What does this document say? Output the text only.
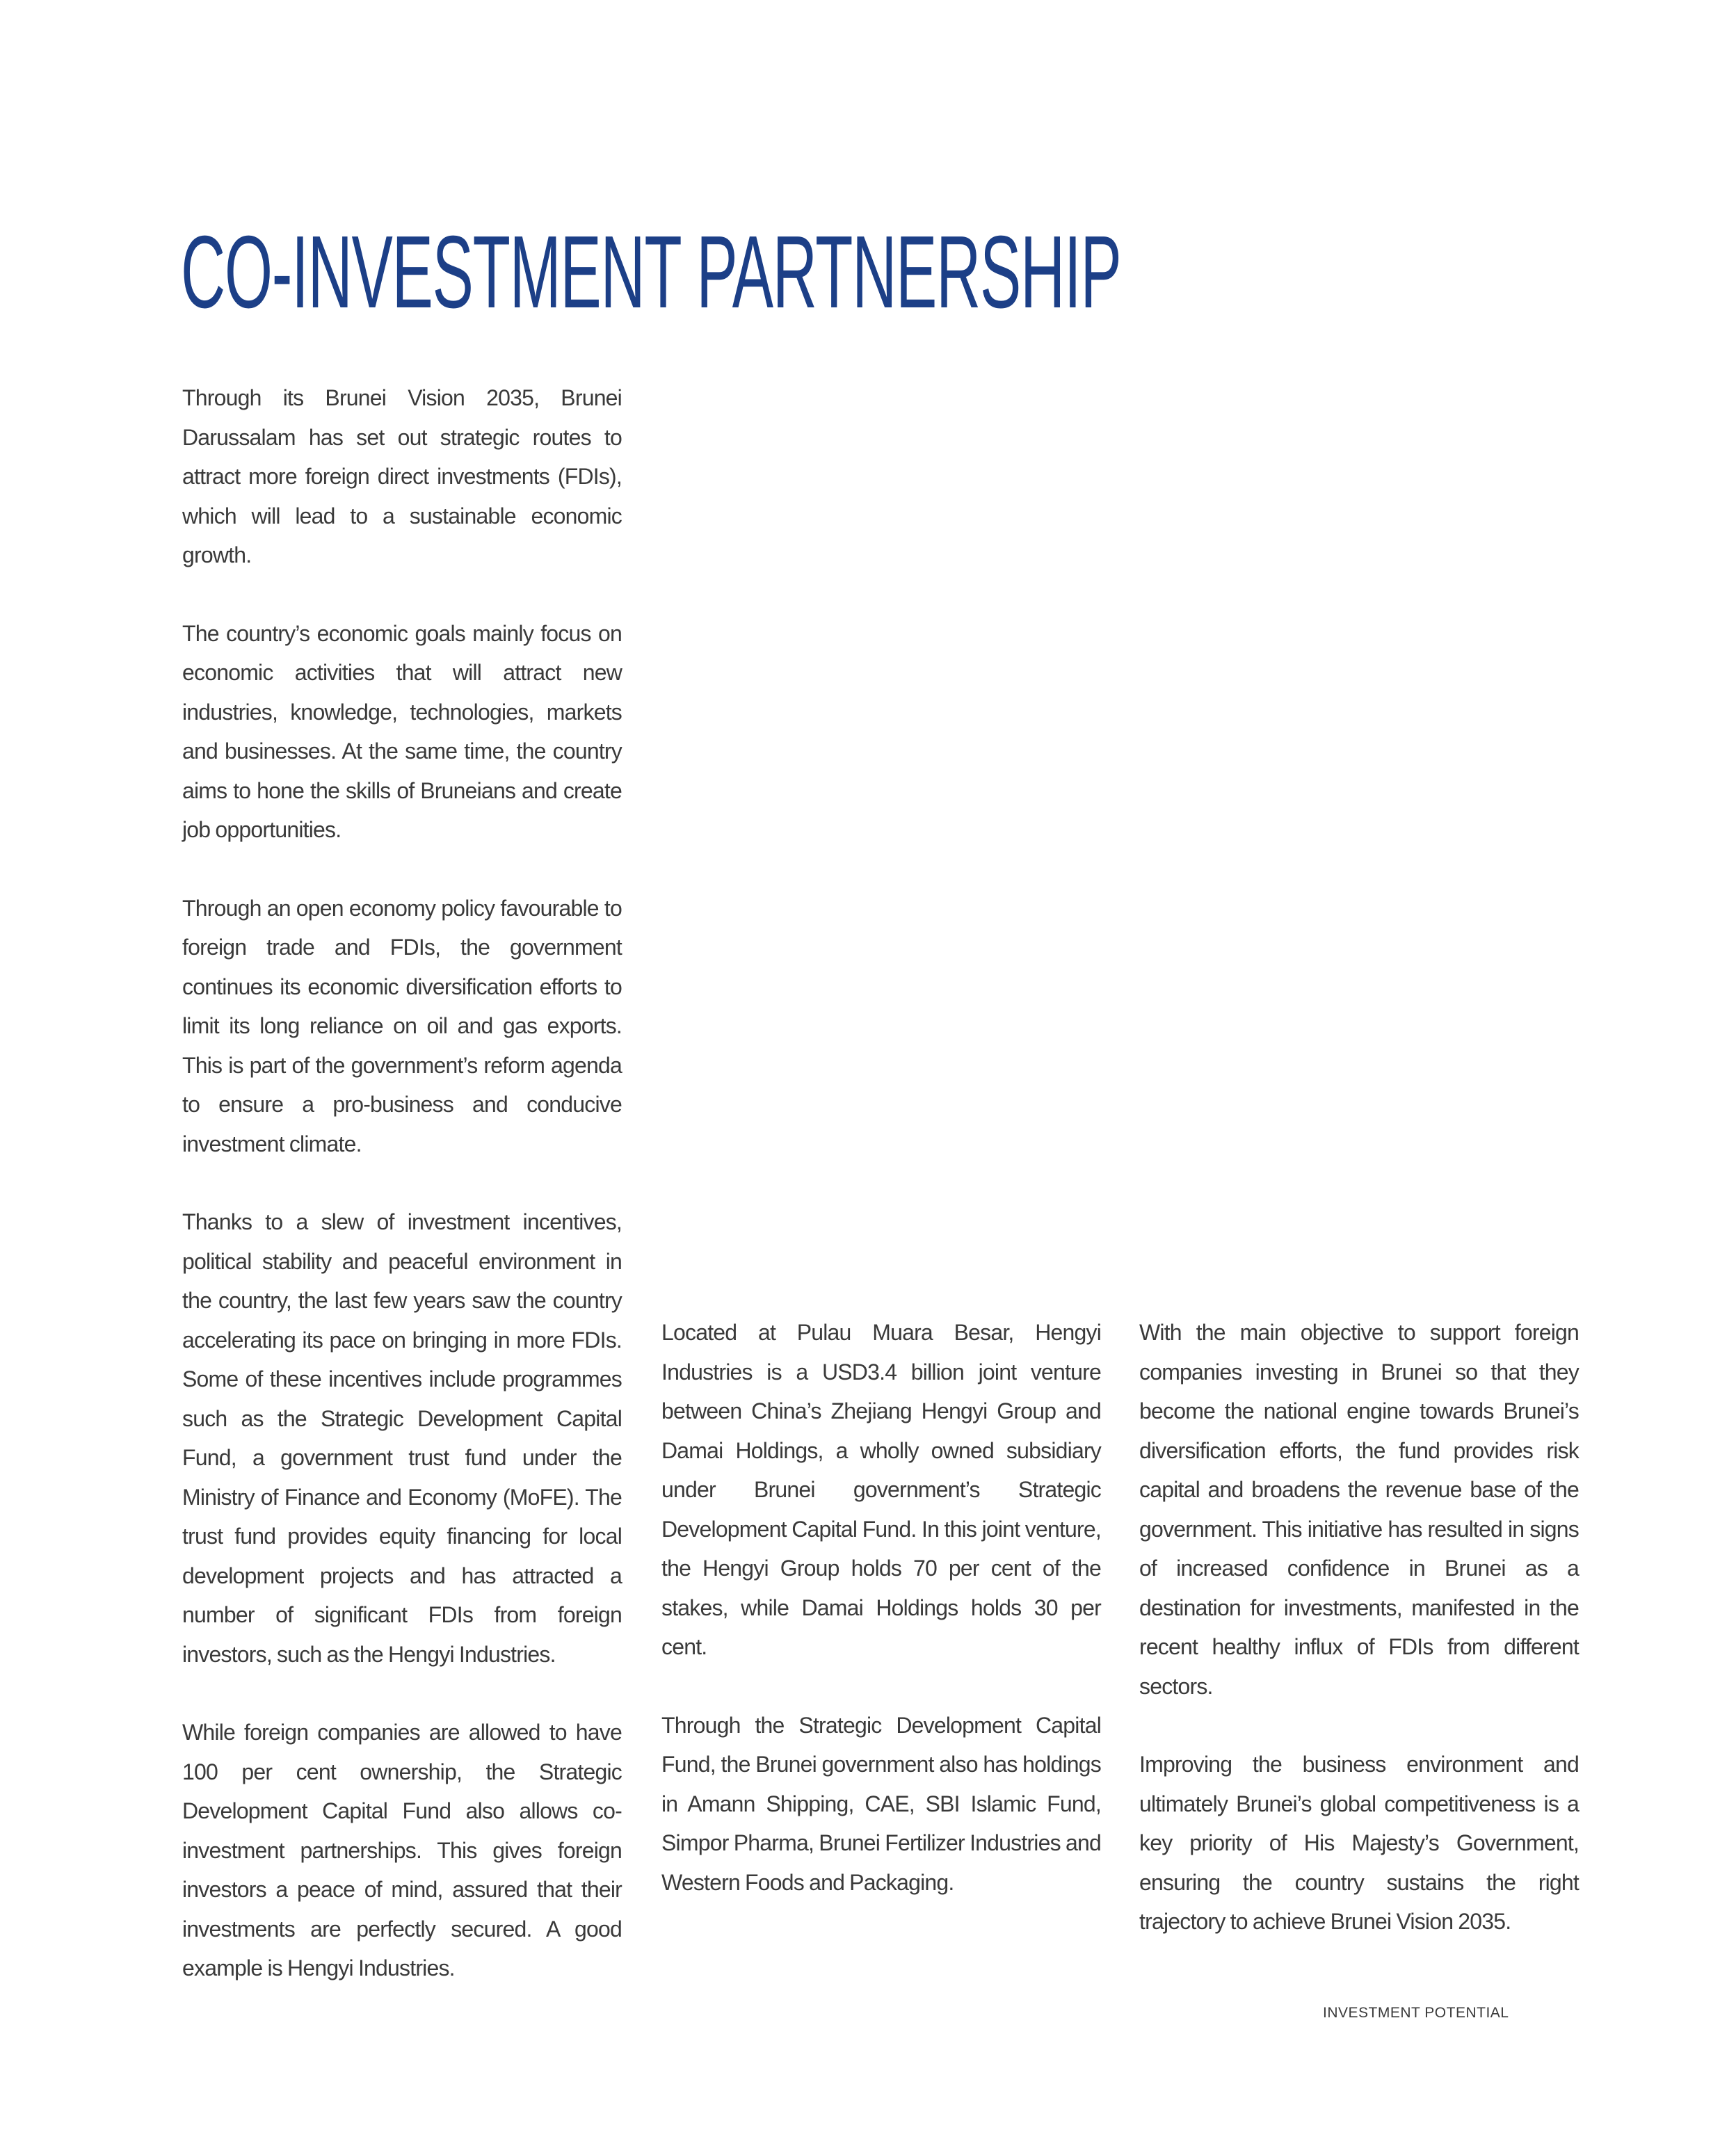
CO-INVESTMENT PARTNERSHIP

Through its Brunei Vision 2035, Brunei Darussalam has set out strategic routes to attract more foreign direct investments (FDIs), which will lead to a sustainable economic growth.

The country’s economic goals mainly focus on economic activities that will attract new industries, knowledge, technologies, markets and businesses. At the same time, the country aims to hone the skills of Bruneians and create job opportunities.

Through an open economy policy favourable to foreign trade and FDIs, the government continues its economic diversification efforts to limit its long reliance on oil and gas exports. This is part of the government’s reform agenda to ensure a pro-business and conducive investment climate.

Thanks to a slew of investment incentives, political stability and peaceful environment in the country, the last few years saw the country accelerating its pace on bringing in more FDIs. Some of these incentives include programmes such as the Strategic Development Capital Fund, a government trust fund under the Ministry of Finance and Economy (MoFE). The trust fund provides equity financing for local development projects and has attracted a number of significant FDIs from foreign investors, such as the Hengyi Industries.

While foreign companies are allowed to have 100 per cent ownership, the Strategic Development Capital Fund also allows co-investment partnerships. This gives foreign investors a peace of mind, assured that their investments are perfectly secured. A good example is Hengyi Industries.

Located at Pulau Muara Besar, Hengyi Industries is a USD3.4 billion joint venture between China’s Zhejiang Hengyi Group and Damai Holdings, a wholly owned subsidiary under Brunei government’s Strategic Development Capital Fund. In this joint venture, the Hengyi Group holds 70 per cent of the stakes, while Damai Holdings holds 30 per cent.

Through the Strategic Development Capital Fund, the Brunei government also has holdings in Amann Shipping, CAE, SBI Islamic Fund, Simpor Pharma, Brunei Fertilizer Industries and Western Foods and Packaging.

With the main objective to support foreign companies investing in Brunei so that they become the national engine towards Brunei’s diversification efforts, the fund provides risk capital and broadens the revenue base of the government. This initiative has resulted in signs of increased confidence in Brunei as a destination for investments, manifested in the recent healthy influx of FDIs from different sectors.

Improving the business environment and ultimately Brunei’s global competitiveness is a key priority of His Majesty’s Government, ensuring the country sustains the right trajectory to achieve Brunei Vision 2035.

INVESTMENT POTENTIAL
